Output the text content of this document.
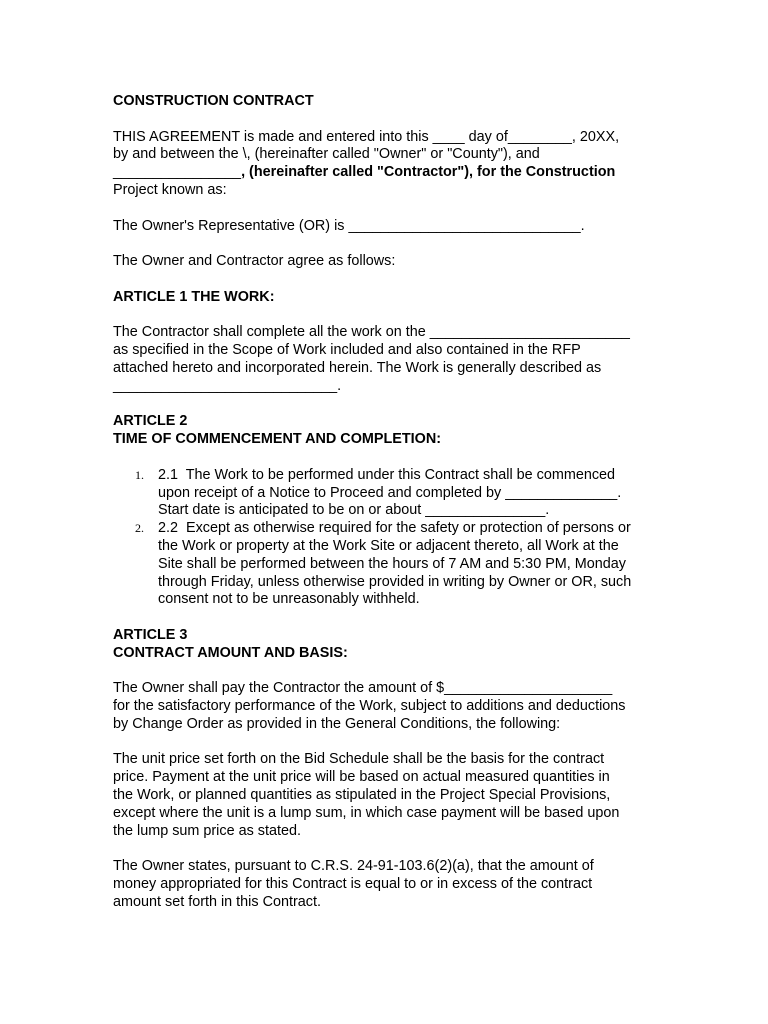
CONSTRUCTION CONTRACT

THIS AGREEMENT is made and entered into this ____ day of________, 20XX,
by and between the \, (hereinafter called "Owner" or "County"), and
________________, (hereinafter called "Contractor"), for the Construction
Project known as:

The Owner's Representative (OR) is _____________________________.

The Owner and Contractor agree as follows:

ARTICLE 1 THE WORK:

The Contractor shall complete all the work on the _________________________
as specified in the Scope of Work included and also contained in the RFP
attached hereto and incorporated herein. The Work is generally described as
____________________________.

ARTICLE 2
TIME OF COMMENCEMENT AND COMPLETION:
1. 2.1 The Work to be performed under this Contract shall be commenced
upon receipt of a Notice to Proceed and completed by ______________.
Start date is anticipated to be on or about _______________.
2. 2.2 Except as otherwise required for the safety or protection of persons or
the Work or property at the Work Site or adjacent thereto, all Work at the
Site shall be performed between the hours of 7 AM and 5:30 PM, Monday
through Friday, unless otherwise provided in writing by Owner or OR, such
consent not to be unreasonably withheld.
ARTICLE 3
CONTRACT AMOUNT AND BASIS:

The Owner shall pay the Contractor the amount of $_____________________
for the satisfactory performance of the Work, subject to additions and deductions
by Change Order as provided in the General Conditions, the following:

The unit price set forth on the Bid Schedule shall be the basis for the contract
price. Payment at the unit price will be based on actual measured quantities in
the Work, or planned quantities as stipulated in the Project Special Provisions,
except where the unit is a lump sum, in which case payment will be based upon
the lump sum price as stated.

The Owner states, pursuant to C.R.S. 24-91-103.6(2)(a), that the amount of
money appropriated for this Contract is equal to or in excess of the contract
amount set forth in this Contract.
